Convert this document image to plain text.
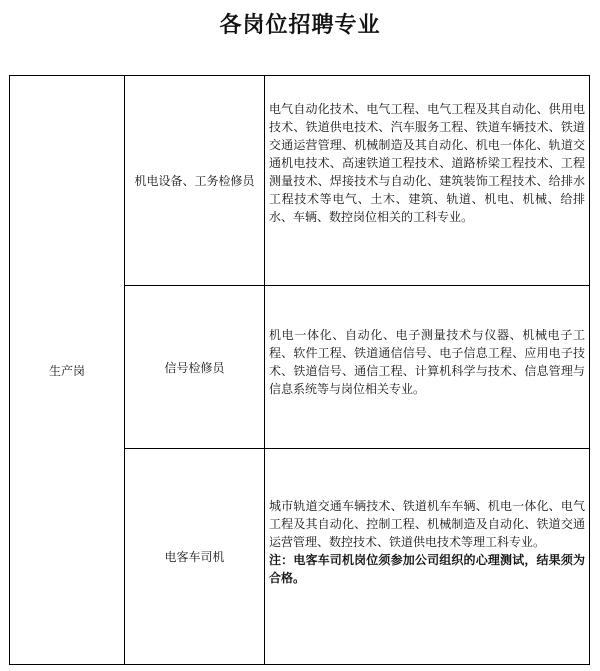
各岗位招聘专业
生产岗	机电设备、工务检修员	电气自动化技术、电气工程、电气工程及其自动化、供用电技术、铁道供电技术、汽车服务工程、铁道车辆技术、铁道交通运营管理、机械制造及其自动化、机电一体化、轨道交通机电技术、高速铁道工程技术、道路桥梁工程技术、工程测量技术、焊接技术与自动化、建筑装饰工程技术、给排水工程技术等电气、土木、建筑、轨道、机电、机械、给排水、车辆、数控岗位相关的工科专业。
	信号检修员	机电一体化、自动化、电子测量技术与仪器、机械电子工程、软件工程、铁道通信信号、电子信息工程、应用电子技术、铁道信号、通信工程、计算机科学与技术、信息管理与信息系统等与岗位相关专业。
	电客车司机	城市轨道交通车辆技术、铁道机车车辆、机电一体化、电气工程及其自动化、控制工程、机械制造及自动化、铁道交通运营管理、数控技术、铁道供电技术等理工科专业。
注：电客车司机岗位须参加公司组织的心理测试，结果须为合格。
